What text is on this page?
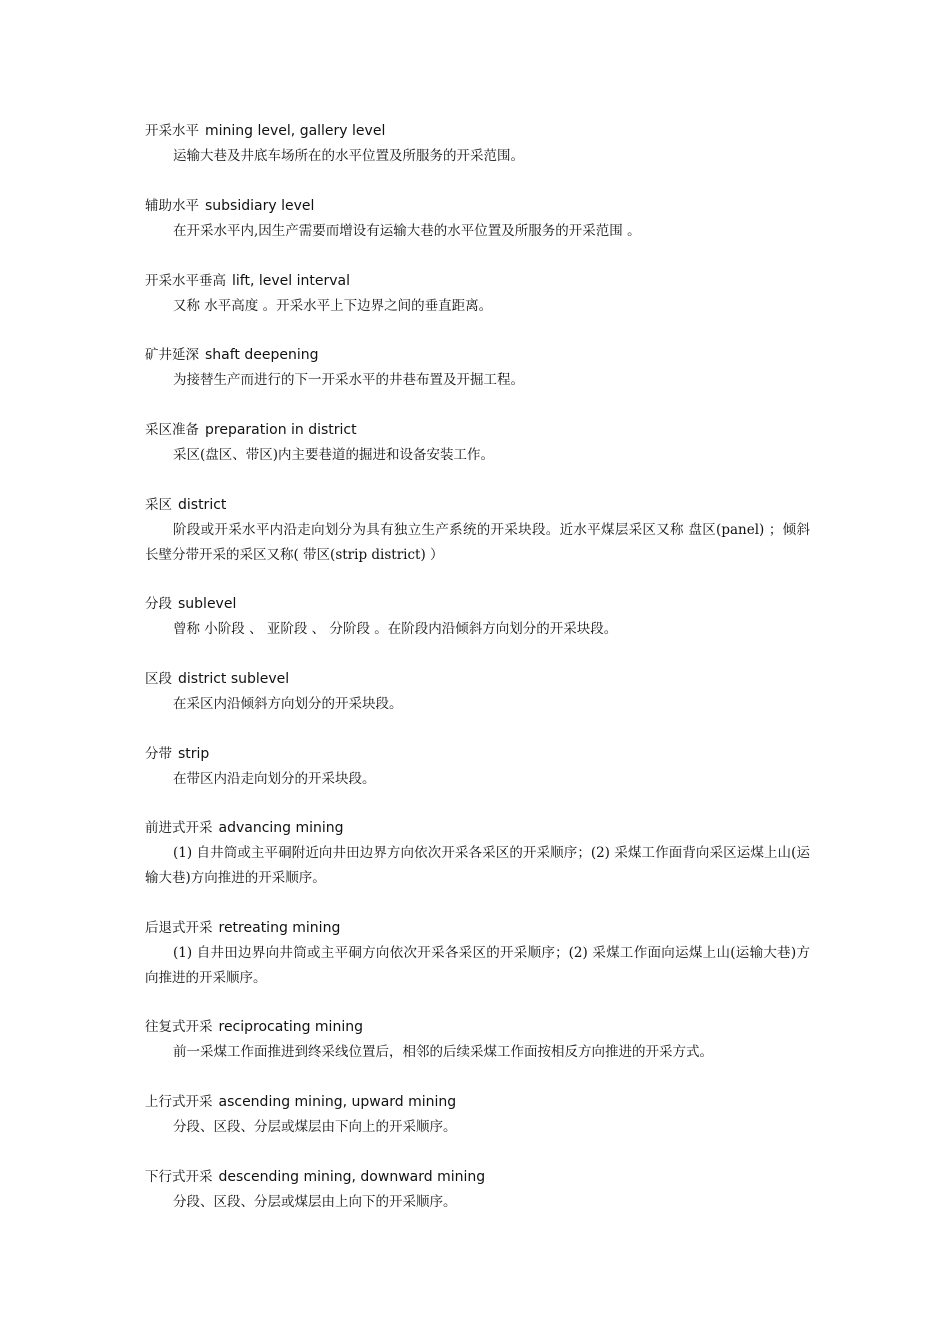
开采水平 mining level, gallery level
运输大巷及井底车场所在的水平位置及所服务的开采范围。
辅助水平 subsidiary level
在开采水平内,因生产需要而增设有运输大巷的水平位置及所服务的开采范围 。
开采水平垂高 lift, level interval
又称 水平高度 。开采水平上下边界之间的垂直距离。
矿井延深 shaft deepening
为接替生产而进行的下一开采水平的井巷布置及开掘工程。
采区准备 preparation in district
采区(盘区、带区)内主要巷道的掘进和设备安装工作。
采区 district
阶段或开采水平内沿走向划分为具有独立生产系统的开采块段。近水平煤层采区又称 盘区(panel) ；倾斜长壁分带开采的采区又称( 带区(strip district) ）
分段 sublevel
曾称 小阶段 、 亚阶段 、 分阶段 。在阶段内沿倾斜方向划分的开采块段。
区段 district sublevel
在采区内沿倾斜方向划分的开采块段。
分带 strip
在带区内沿走向划分的开采块段。
前进式开采 advancing mining
(1) 自井筒或主平硐附近向井田边界方向依次开采各采区的开采顺序；(2) 采煤工作面背向采区运煤上山(运输大巷)方向推进的开采顺序。
后退式开采 retreating mining
(1) 自井田边界向井筒或主平硐方向依次开采各采区的开采顺序；(2) 采煤工作面向运煤上山(运输大巷)方向推进的开采顺序。
往复式开采 reciprocating mining
前一采煤工作面推进到终采线位置后，相邻的后续采煤工作面按相反方向推进的开采方式。
上行式开采 ascending mining, upward mining
分段、区段、分层或煤层由下向上的开采顺序。
下行式开采 descending mining, downward mining
分段、区段、分层或煤层由上向下的开采顺序。
